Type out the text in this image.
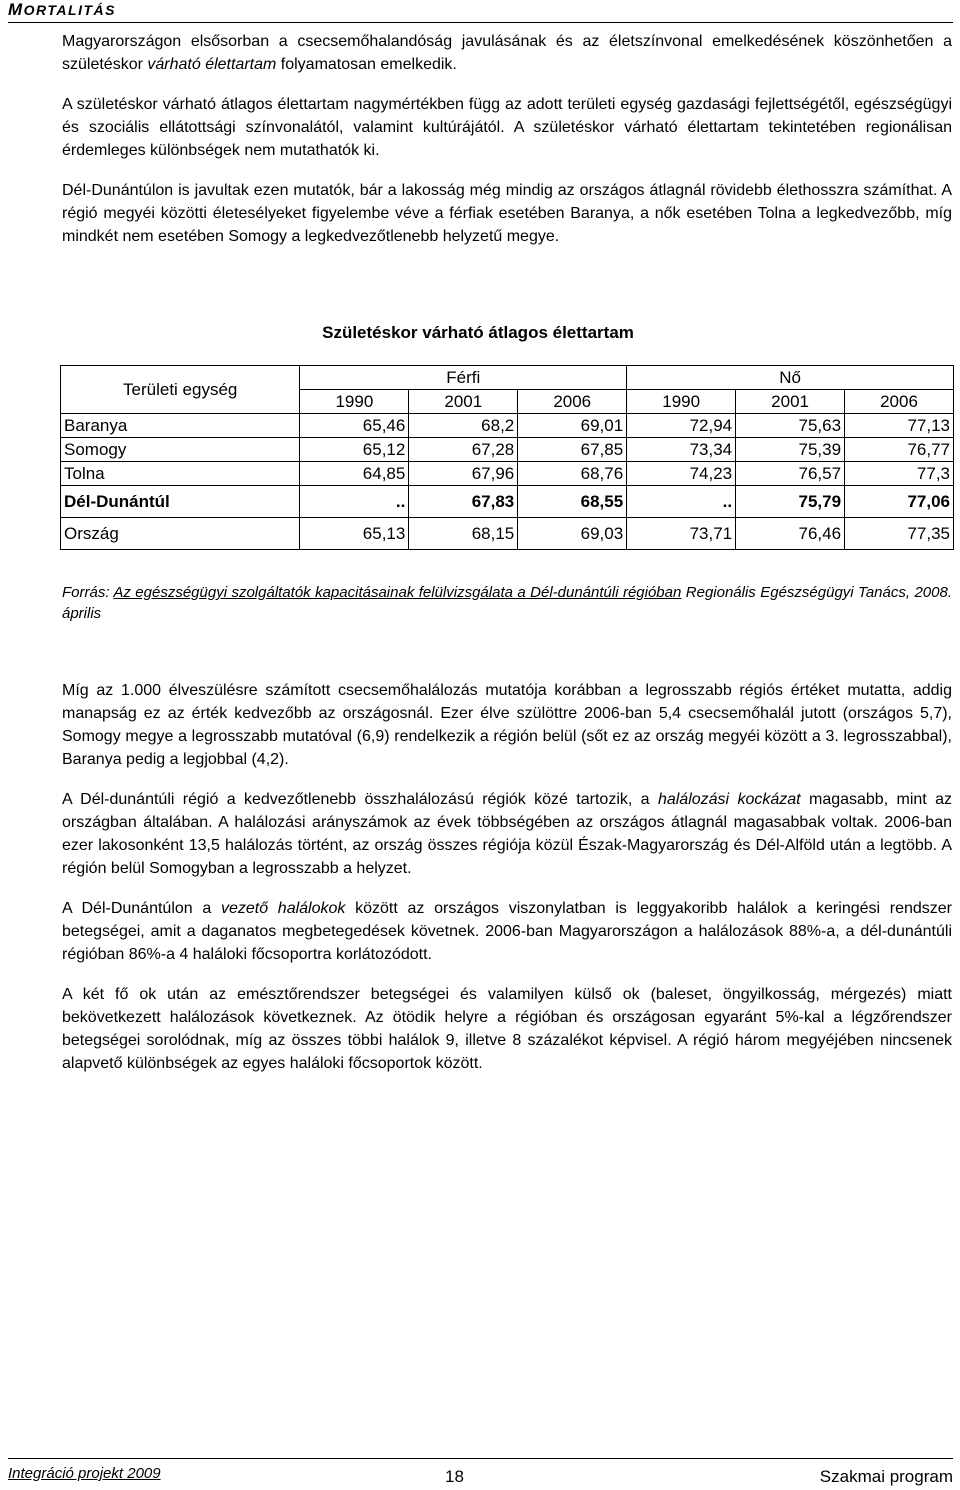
MORTALITÁS

Magyarországon elsősorban a csecsemőhalandóság javulásának és az életszínvonal emelkedésének köszönhetően a születéskor várható élettartam folyamatosan emelkedik.

A születéskor várható átlagos élettartam nagymértékben függ az adott területi egység gazdasági fejlettségétől, egészségügyi és szociális ellátottsági színvonalától, valamint kultúrájától. A születéskor várható élettartam tekintetében regionálisan érdemleges különbségek nem mutathatók ki.

Dél-Dunántúlon is javultak ezen mutatók, bár a lakosság még mindig az országos átlagnál rövidebb élethosszra számíthat. A régió megyéi közötti életesélyeket figyelembe véve a férfiak esetében Baranya, a nők esetében Tolna a legkedvezőbb, míg mindkét nem esetében Somogy a legkedvezőtlenebb helyzetű megye.

Születéskor várható átlagos élettartam
Területi egység	Férfi			Nő		
	1990	2001	2006	1990	2001	2006
Baranya	65,46	68,2	69,01	72,94	75,63	77,13
Somogy	65,12	67,28	67,85	73,34	75,39	76,77
Tolna	64,85	67,96	68,76	74,23	76,57	77,3
Dél-Dunántúl	..	67,83	68,55	..	75,79	77,06
Ország	65,13	68,15	69,03	73,71	76,46	77,35

Forrás: Az egészségügyi szolgáltatók kapacitásainak felülvizsgálata a Dél-dunántúli régióban Regionális Egészségügyi Tanács, 2008. április

Míg az 1.000 élveszülésre számított csecsemőhalálozás mutatója korábban a legrosszabb régiós értéket mutatta, addig manapság ez az érték kedvezőbb az országosnál. Ezer élve szülöttre 2006-ban 5,4 csecsemőhalál jutott (országos 5,7), Somogy megye a legrosszabb mutatóval (6,9) rendelkezik a régión belül (sőt ez az ország megyéi között a 3. legrosszabbal), Baranya pedig a legjobbal (4,2).

A Dél-dunántúli régió a kedvezőtlenebb összhalálozású régiók közé tartozik, a halálozási kockázat magasabb, mint az országban általában. A halálozási arányszámok az évek többségében az országos átlagnál magasabbak voltak. 2006-ban ezer lakosonként 13,5 halálozás történt, az ország összes régiója közül Észak-Magyarország és Dél-Alföld után a legtöbb. A régión belül Somogyban a legrosszabb a helyzet.

A Dél-Dunántúlon a vezető halálokok között az országos viszonylatban is leggyakoribb halálok a keringési rendszer betegségei, amit a daganatos megbetegedések követnek. 2006-ban Magyarországon a halálozások 88%-a, a dél-dunántúli régióban 86%-a 4 haláloki főcsoportra korlátozódott.

A két fő ok után az emésztőrendszer betegségei és valamilyen külső ok (baleset, öngyilkosság, mérgezés) miatt bekövetkezett halálozások következnek. Az ötödik helyre a régióban és országosan egyaránt 5%-kal a légzőrendszer betegségei sorolódnak, míg az összes többi halálok 9, illetve 8 százalékot képvisel. A régió három megyéjében nincsenek alapvető különbségek az egyes haláloki főcsoportok között.

Integráció projekt 2009	18	Szakmai program
